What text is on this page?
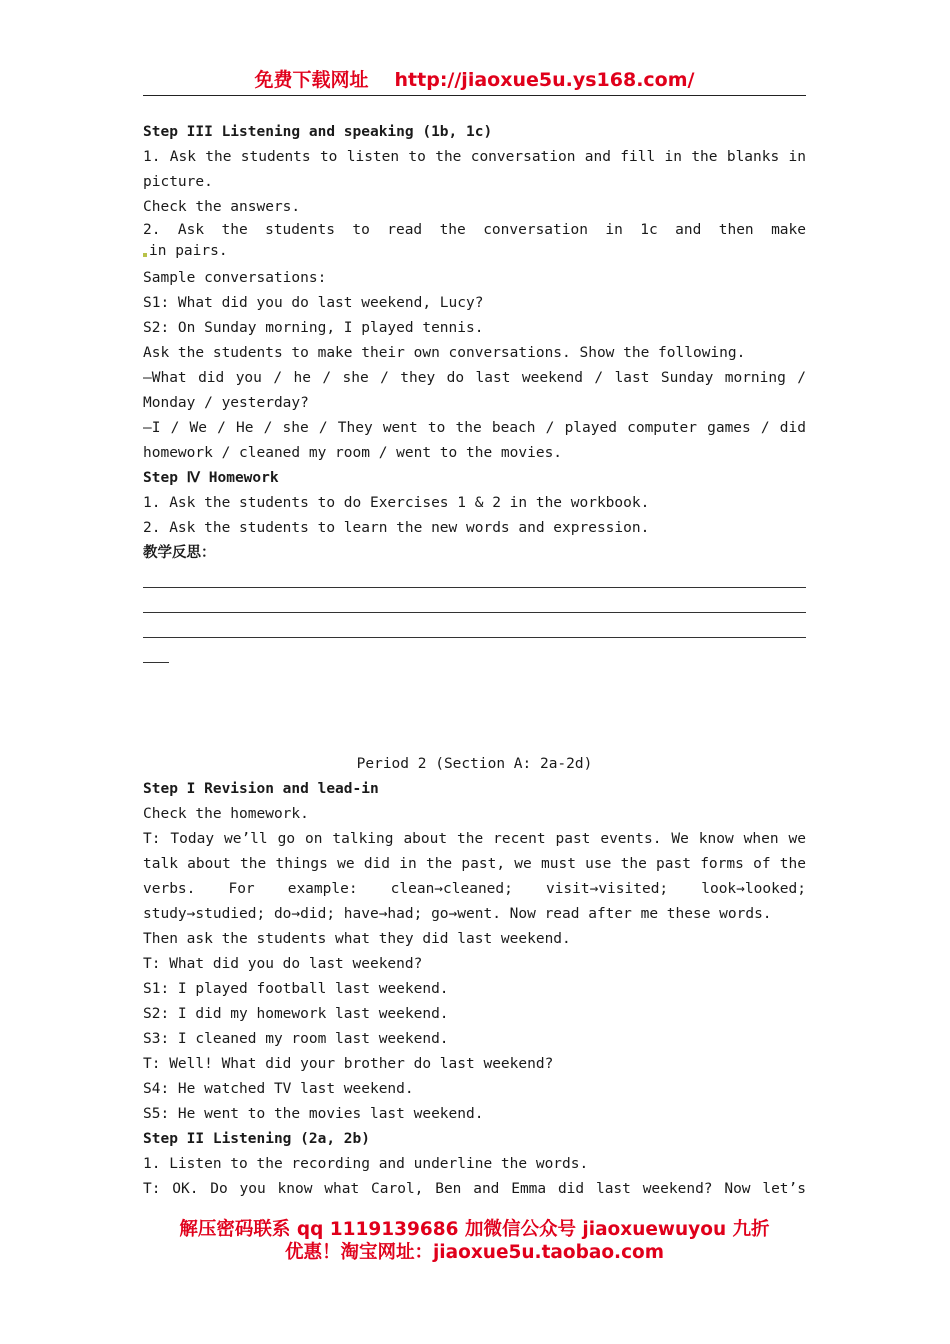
免费下载网址 http://jiaoxue5u.ys168.com/
Step III Listening and speaking (1b, 1c)
1. Ask the students to listen to the conversation and fill in the blanks in
picture.
Check the answers.
2. Ask the students to read the conversation in 1c and then make
in pairs.
Sample conversations:
S1: What did you do last weekend, Lucy?
S2: On Sunday morning, I played tennis.
Ask the students to make their own conversations. Show the following.
—What did you / he / she / they do last weekend / last Sunday morning /
Monday / yesterday?
—I / We / He / she / They went to the beach / played computer games / did
homework / cleaned my room / went to the movies.
Step Ⅳ Homework
1. Ask the students to do Exercises 1 & 2 in the workbook.
2. Ask the students to learn the new words and expression.
教学反思：
Period 2 (Section A: 2a-2d)
Step I Revision and lead-in
Check the homework.
T: Today we’ll go on talking about the recent past events. We know when we
talk about the things we did in the past, we must use the past forms of the
verbs. For example: clean→cleaned; visit→visited; look→looked;
study→studied; do→did; have→had; go→went. Now read after me these words.
Then ask the students what they did last weekend.
T: What did you do last weekend?
S1: I played football last weekend.
S2: I did my homework last weekend.
S3: I cleaned my room last weekend.
T: Well! What did your brother do last weekend?
S4: He watched TV last weekend.
S5: He went to the movies last weekend.
Step II Listening (2a, 2b)
1. Listen to the recording and underline the words.
T: OK. Do you know what Carol, Ben and Emma did last weekend? Now let’s
解压密码联系 qq 1119139686 加微信公众号 jiaoxuewuyou 九折
优惠！淘宝网址：jiaoxue5u.taobao.com
